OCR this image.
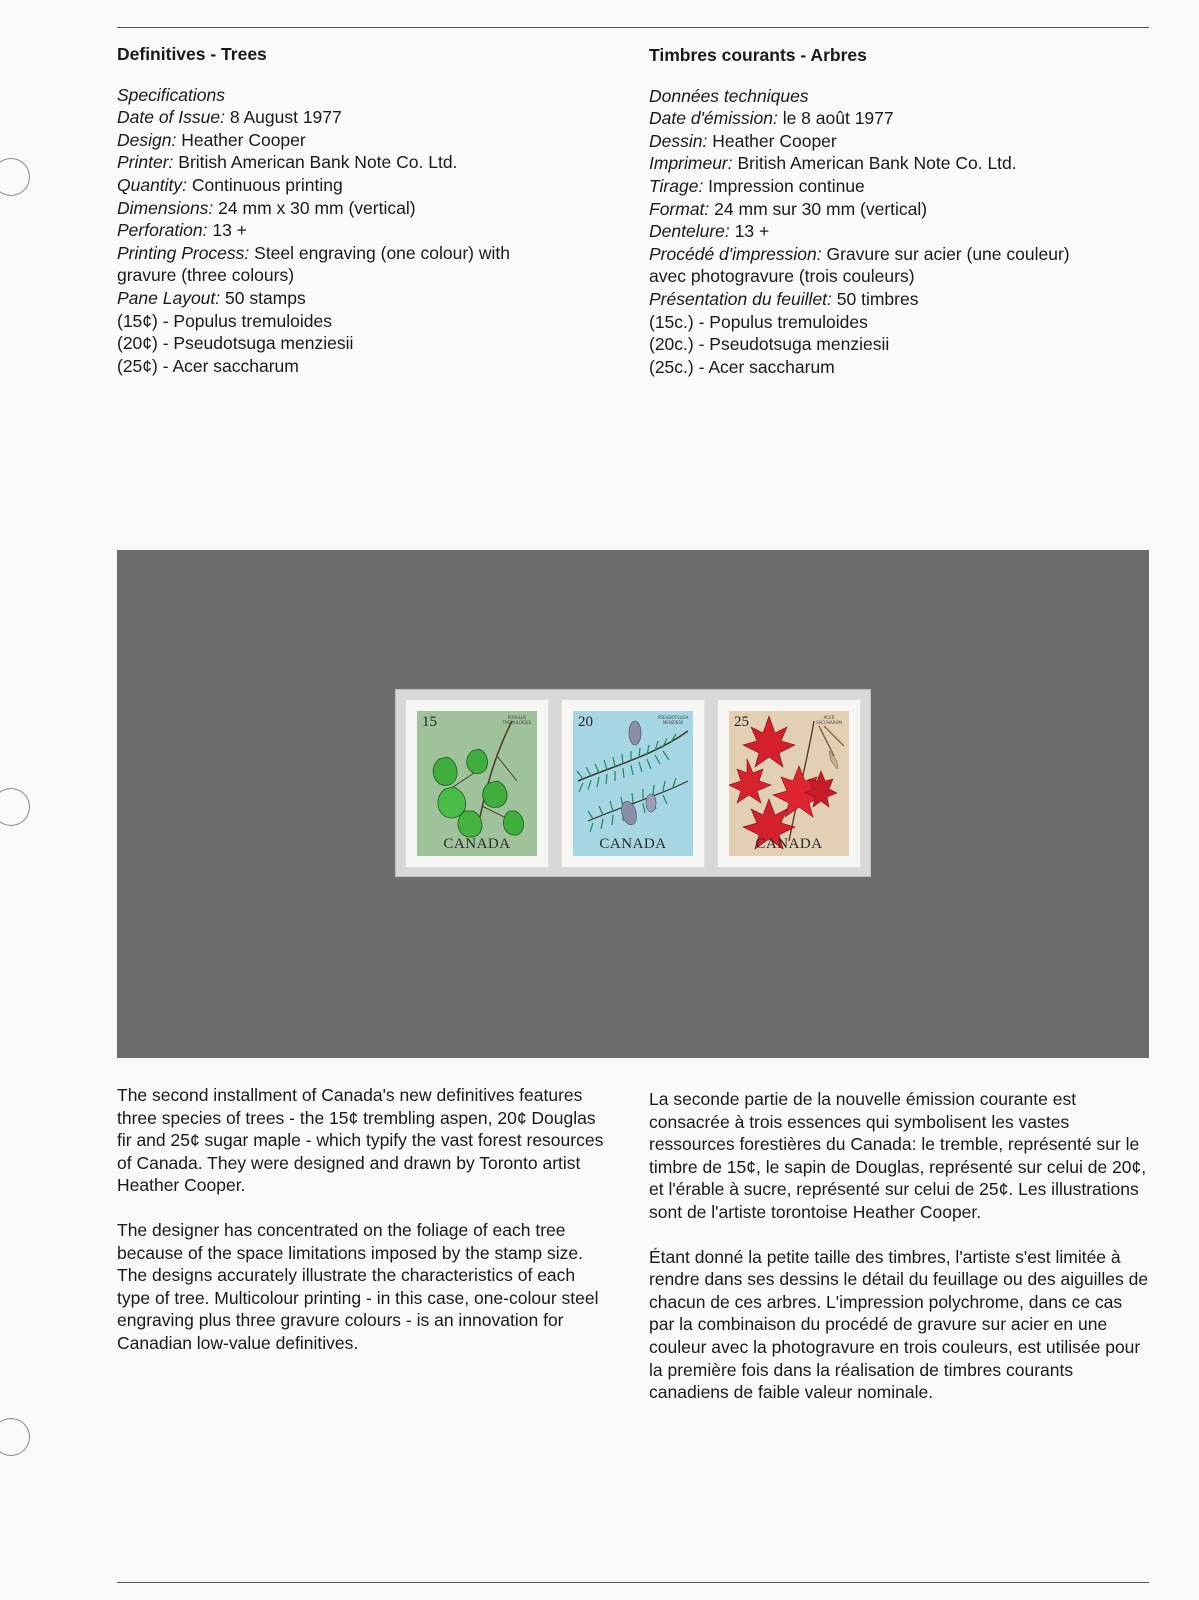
Definitives - Trees
Specifications
Date of Issue: 8 August 1977
Design: Heather Cooper
Printer: British American Bank Note Co. Ltd.
Quantity: Continuous printing
Dimensions: 24 mm x 30 mm (vertical)
Perforation: 13 +
Printing Process: Steel engraving (one colour) with
gravure (three colours)
Pane Layout: 50 stamps
(15¢) - Populus tremuloides
(20¢) - Pseudotsuga menziesii
(25¢) - Acer saccharum
Timbres courants - Arbres
Données techniques
Date d'émission: le 8 août 1977
Dessin: Heather Cooper
Imprimeur: British American Bank Note Co. Ltd.
Tirage: Impression continue
Format: 24 mm sur 30 mm (vertical)
Dentelure: 13 +
Procédé d'impression: Gravure sur acier (une couleur)
avec photogravure (trois couleurs)
Présentation du feuillet: 50 timbres
(15c.) - Populus tremuloides
(20c.) - Pseudotsuga menziesii
(25c.) - Acer saccharum
15	POPULUS TREMULOIDES
CANADA
20	PSEUDOTSUGA MENZIESII
CANADA
25	ACER SACCHARUM
CANADA

The second installment of Canada's new definitives features three species of trees - the 15¢ trembling aspen, 20¢ Douglas fir and 25¢ sugar maple - which typify the vast forest resources of Canada. They were designed and drawn by Toronto artist Heather Cooper.

The designer has concentrated on the foliage of each tree because of the space limitations imposed by the stamp size. The designs accurately illustrate the characteristics of each type of tree. Multicolour printing - in this case, one-colour steel engraving plus three gravure colours - is an innovation for Canadian low-value definitives.

La seconde partie de la nouvelle émission courante est consacrée à trois essences qui symbolisent les vastes ressources forestières du Canada: le tremble, représenté sur le timbre de 15¢, le sapin de Douglas, représenté sur celui de 20¢, et l'érable à sucre, représenté sur celui de 25¢. Les illustrations sont de l'artiste torontoise Heather Cooper.

Étant donné la petite taille des timbres, l'artiste s'est limitée à rendre dans ses dessins le détail du feuillage ou des aiguilles de chacun de ces arbres. L'impression polychrome, dans ce cas par la combinaison du procédé de gravure sur acier en une couleur avec la photogravure en trois couleurs, est utilisée pour la première fois dans la réalisation de timbres courants canadiens de faible valeur nominale.
